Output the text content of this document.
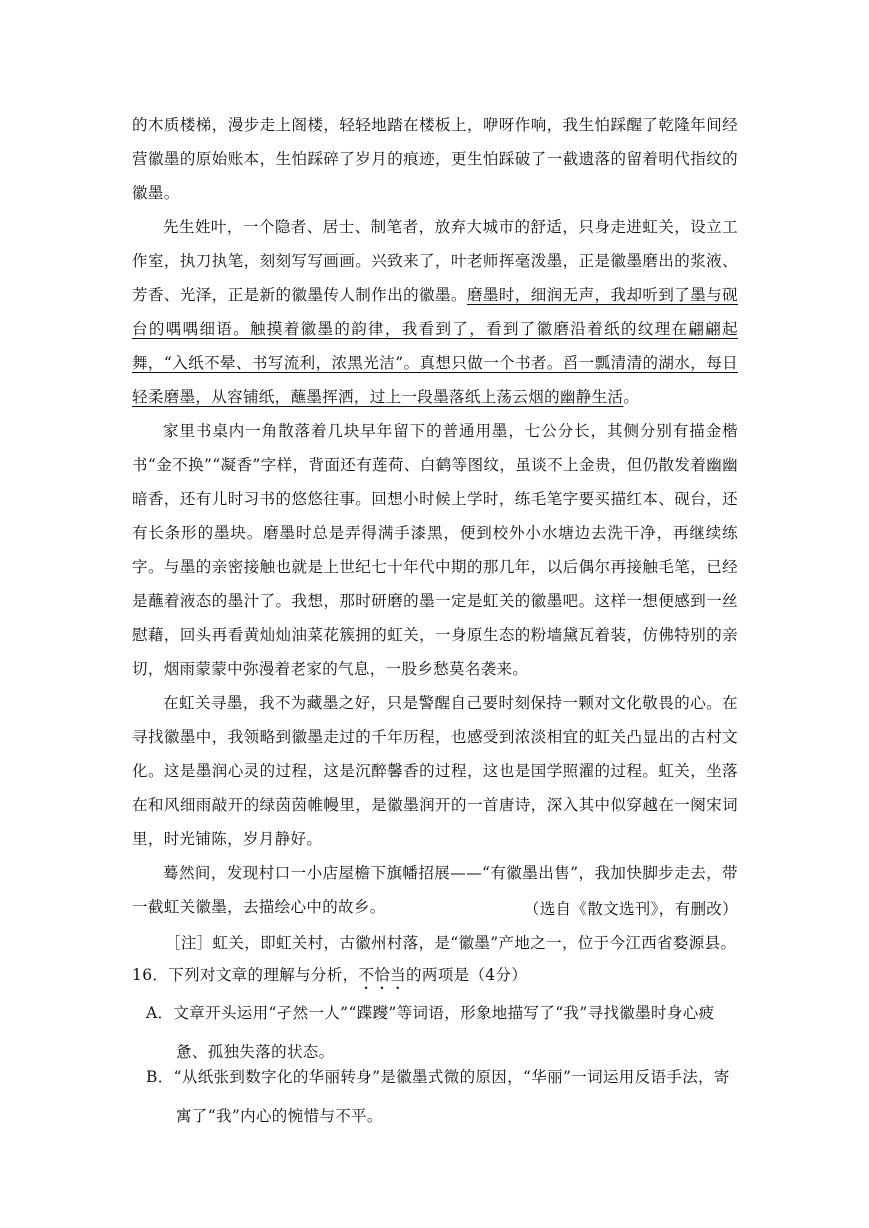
的木质楼梯，漫步走上阁楼，轻轻地踏在楼板上，咿呀作响，我生怕踩醒了乾隆年间经营徽墨的原始账本，生怕踩碎了岁月的痕迹，更生怕踩破了一截遗落的留着明代指纹的徽墨。

先生姓叶，一个隐者、居士、制笔者，放弃大城市的舒适，只身走进虹关，设立工作室，执刀执笔，刻刻写写画画。兴致来了，叶老师挥毫泼墨，正是徽墨磨出的浆液、芳香、光泽，正是新的徽墨传人制作出的徽墨。磨墨时，细润无声，我却听到了墨与砚台的喁喁细语。触摸着徽墨的韵律，我看到了，看到了徽磨沿着纸的纹理在翩翩起舞，“入纸不晕、书写流利，浓黑光洁”。真想只做一个书者。舀一瓢清清的湖水，每日轻柔磨墨，从容铺纸，蘸墨挥洒，过上一段墨落纸上荡云烟的幽静生活。

家里书桌内一角散落着几块早年留下的普通用墨，七公分长，其侧分别有描金楷书“金不换”“凝香”字样，背面还有莲荷、白鹤等图纹，虽谈不上金贵，但仍散发着幽幽暗香，还有儿时习书的悠悠往事。回想小时候上学时，练毛笔字要买描红本、砚台，还有长条形的墨块。磨墨时总是弄得满手漆黑，便到校外小水塘边去洗干净，再继续练字。与墨的亲密接触也就是上世纪七十年代中期的那几年，以后偶尔再接触毛笔，已经是蘸着液态的墨汁了。我想，那时研磨的墨一定是虹关的徽墨吧。这样一想便感到一丝慰藉，回头再看黄灿灿油菜花簇拥的虹关，一身原生态的粉墙黛瓦着装，仿佛特别的亲切，烟雨蒙蒙中弥漫着老家的气息，一股乡愁莫名袭来。

在虹关寻墨，我不为藏墨之好，只是警醒自己要时刻保持一颗对文化敬畏的心。在寻找徽墨中，我领略到徽墨走过的千年历程，也感受到浓淡相宜的虹关凸显出的古村文化。这是墨润心灵的过程，这是沉醉馨香的过程，这也是国学照濯的过程。虹关，坐落在和风细雨敲开的绿茵茵帷幔里，是徽墨润开的一首唐诗，深入其中似穿越在一阕宋词里，时光铺陈，岁月静好。

蓦然间，发现村口一小店屋檐下旗幡招展——“有徽墨出售”，我加快脚步走去，带一截虹关徽墨，去描绘心中的故乡。	（选自《散文选刊》，有删改）
［注］虹关，即虹关村，古徽州村落，是“徽墨”产地之一，位于今江西省婺源县。
16．下列对文章的理解与分析，不恰当的两项是（4分）
A．文章开头运用“孑然一人”“蹀躞”等词语，形象地描写了“我”寻找徽墨时身心疲
惫、孤独失落的状态。
B．“从纸张到数字化的华丽转身”是徽墨式微的原因，“华丽”一词运用反语手法，寄
寓了“我”内心的惋惜与不平。
